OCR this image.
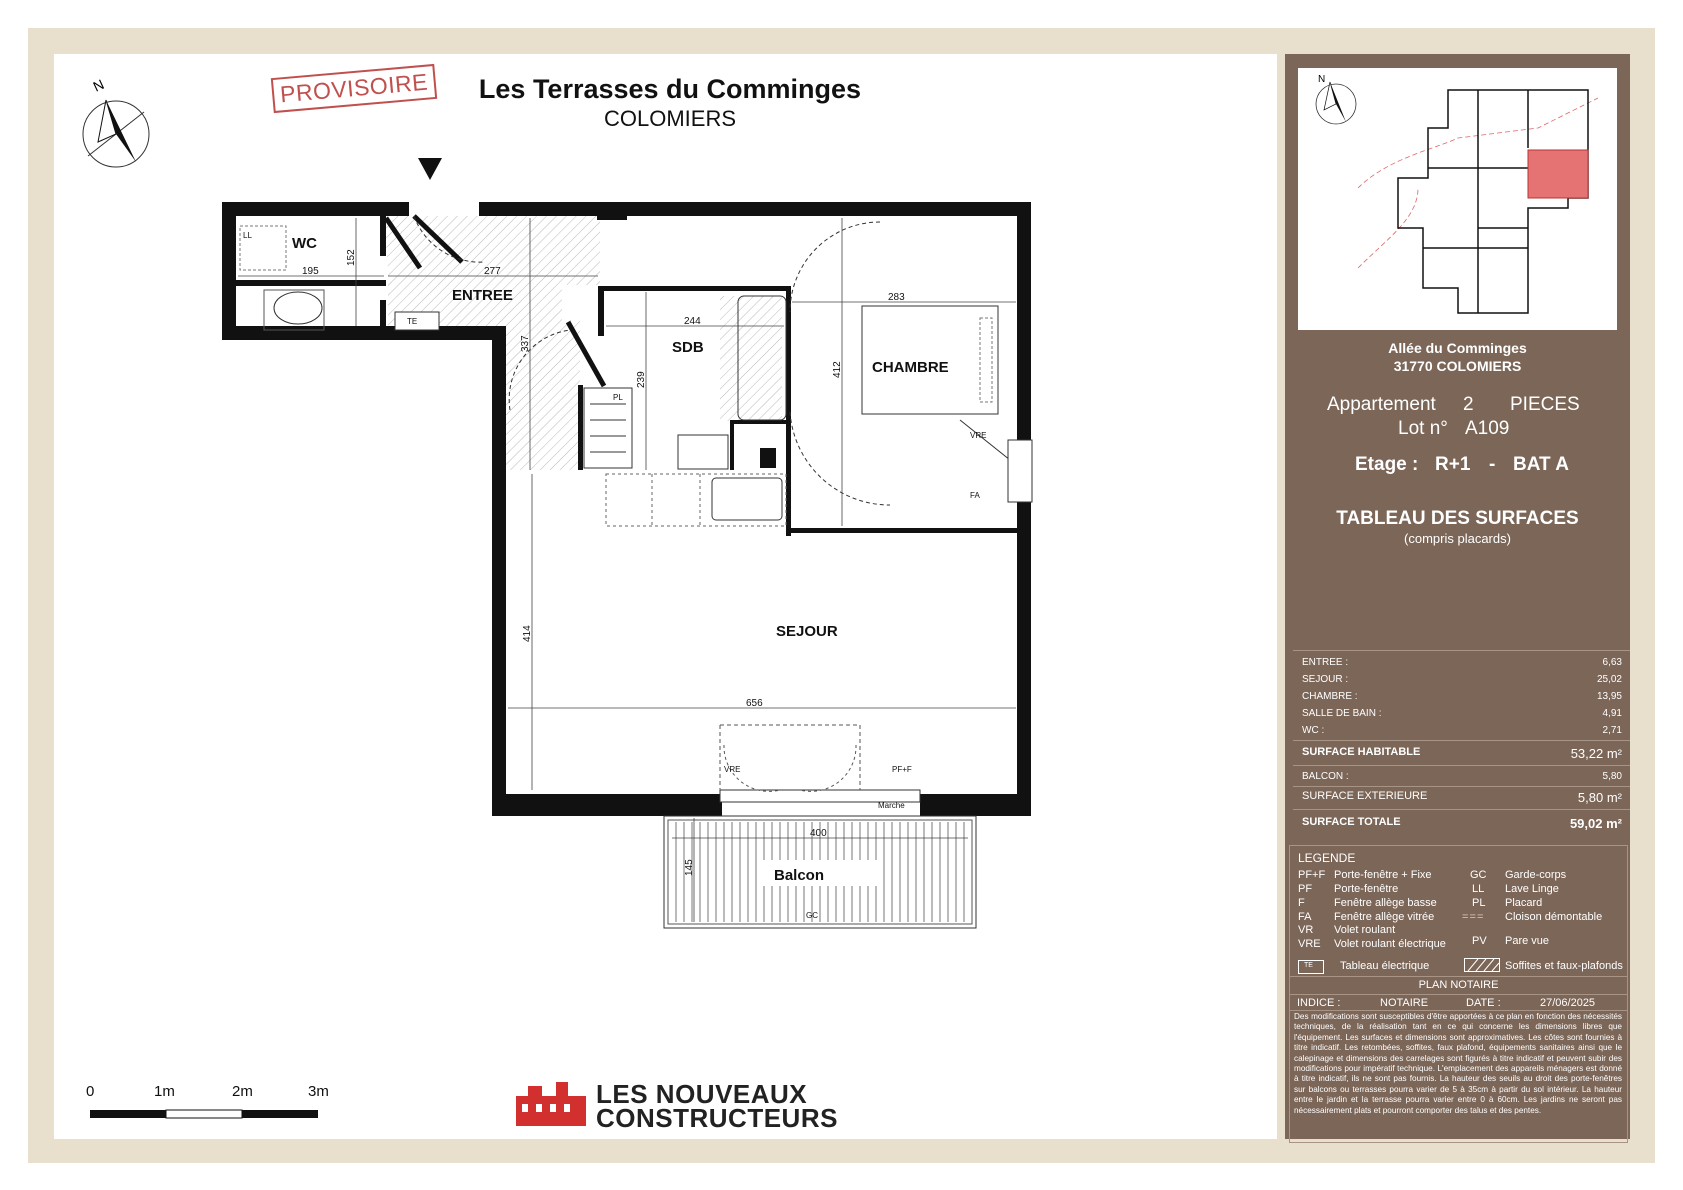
PROVISOIRE	Les Terrasses du Comminges
COLOMIERS
N
LL
TE
PL
VRE
FA
VRE	PF+F
Marche
GC
WC
ENTREE
SDB
CHAMBRE
SEJOUR
Balcon
195
152
277
337
244
239
283
412
656
414
400
145
0	1m	2m	3m	LES NOUVEAUX
CONSTRUCTEURS
Allée du Comminges
31770 COLOMIERS
Appartement 2 PIECES
Lot n° A109
Etage : R+1 - BAT A
TABLEAU DES SURFACES
(compris placards)
ENTREE :	6,63
SEJOUR :	25,02
CHAMBRE :	13,95
SALLE DE BAIN :	4,91
WC :	2,71
SURFACE HABITABLE	53,22 m²
BALCON :	5,80
SURFACE EXTERIEURE	5,80 m²
SURFACE TOTALE	59,02 m²
N
LEGENDE
PF+F Porte-fenêtre + Fixe
PF Porte-fenêtre
F	Fenêtre allège basse
FA Fenêtre allège vitrée
VR Volet roulant
VRE Volet roulant électrique
GC Garde-corps
LL Lave Linge
PL Placard
= = = Cloison démontable
PV Pare vue
TE Tableau électrique	Soffites et faux-plafonds
PLAN NOTAIRE
INDICE :	NOTAIRE	DATE :	27/06/2025
Des modifications sont susceptibles d'être apportées à ce plan en fonction des nécessités techniques, de la réalisation tant en ce qui concerne les dimensions libres que l'équipement. Les surfaces et dimensions sont approximatives. Les côtes sont fournies à titre indicatif. Les retombées, soffites, faux plafond, équipements sanitaires ainsi que le calepinage et dimensions des carrelages sont figurés à titre indicatif et peuvent subir des modifications pour impératif technique. L'emplacement des appareils ménagers est donné à titre indicatif, ils ne sont pas fournis. La hauteur des seuils au droit des porte-fenêtres sur balcons ou terrasses pourra varier de 5 à 35cm à partir du sol intérieur. La hauteur entre le jardin et la terrasse pourra varier entre 0 à 60cm. Les jardins ne seront pas nécessairement plats et pourront comporter des talus et des pentes.
